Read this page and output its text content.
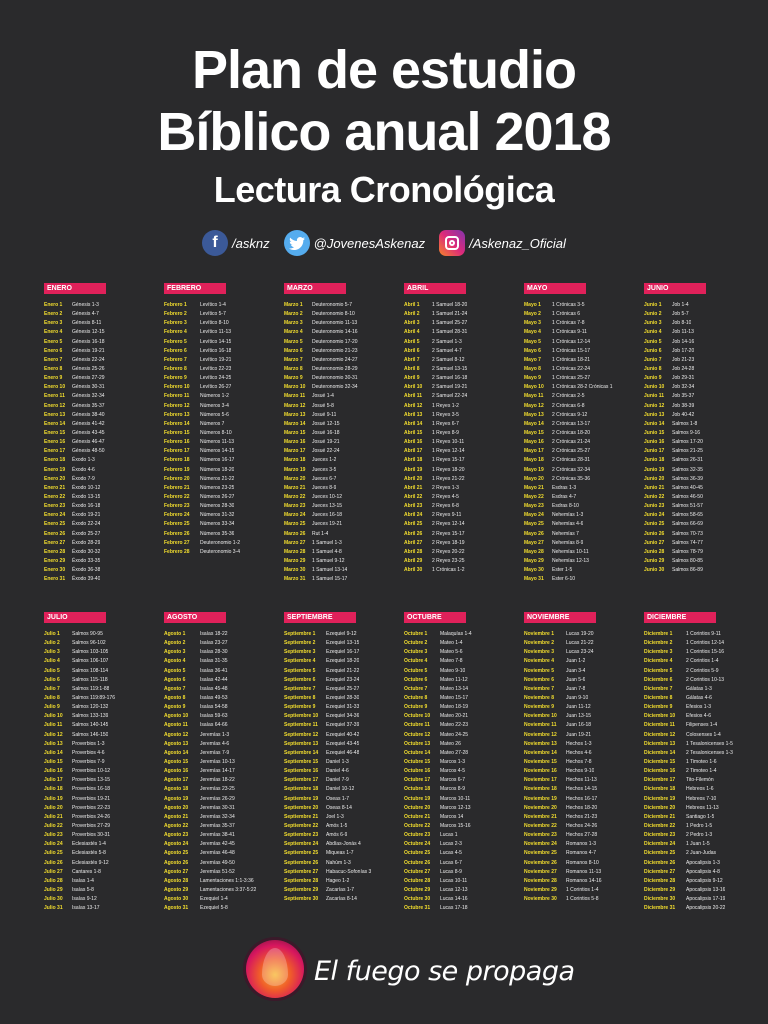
Plan de estudio
Bíblico anual 2018
Lectura Cronológica
f	/asknz	@JovenesAskenaz	/Askenaz_Oficial
ENERO
Enero 1	Génesis 1-3
Enero 2	Génesis 4-7
Enero 3	Génesis 8-11
Enero 4	Génesis 12-15
Enero 5	Génesis 16-18
Enero 6	Génesis 19-21
Enero 7	Génesis 22-24
Enero 8	Génesis 25-26
Enero 9	Génesis 27-29
Enero 10	Génesis 30-31
Enero 11	Génesis 32-34
Enero 12	Génesis 35-37
Enero 13	Génesis 38-40
Enero 14	Génesis 41-42
Enero 15	Génesis 43-45
Enero 16	Génesis 46-47
Enero 17	Génesis 48-50
Enero 18	Éxodo 1-3
Enero 19	Éxodo 4-6
Enero 20	Éxodo 7-9
Enero 21	Éxodo 10-12
Enero 22	Éxodo 13-15
Enero 23	Éxodo 16-18
Enero 24	Éxodo 19-21
Enero 25	Éxodo 22-24
Enero 26	Éxodo 25-27
Enero 27	Éxodo 28-29
Enero 28	Éxodo 30-32
Enero 29	Éxodo 33-35
Enero 30	Éxodo 36-38
Enero 31	Éxodo 39-40
FEBRERO
Febrero 1	Levítico 1-4
Febrero 2	Levítico 5-7
Febrero 3	Levítico 8-10
Febrero 4	Levítico 11-13
Febrero 5	Levítico 14-15
Febrero 6	Levítico 16-18
Febrero 7	Levítico 19-21
Febrero 8	Levítico 22-23
Febrero 9	Levítico 24-25
Febrero 10	Levítico 26-27
Febrero 11	Números 1-2
Febrero 12	Números 3-4
Febrero 13	Números 5-6
Febrero 14	Números 7
Febrero 15	Números 8-10
Febrero 16	Números 11-13
Febrero 17	Números 14-15
Febrero 18	Números 16-17
Febrero 19	Números 18-20
Febrero 20	Números 21-22
Febrero 21	Números 23-25
Febrero 22	Números 26-27
Febrero 23	Números 28-30
Febrero 24	Números 31-32
Febrero 25	Números 33-34
Febrero 26	Números 35-36
Febrero 27	Deuteronomio 1-2
Febrero 28	Deuteronomio 3-4
MARZO
Marzo 1	Deuteronomio 5-7
Marzo 2	Deuteronomio 8-10
Marzo 3	Deuteronomio 11-13
Marzo 4	Deuteronomio 14-16
Marzo 5	Deuteronomio 17-20
Marzo 6	Deuteronomio 21-23
Marzo 7	Deuteronomio 24-27
Marzo 8	Deuteronomio 28-29
Marzo 9	Deuteronomio 30-31
Marzo 10	Deuteronomio 32-34
Marzo 11	Josué 1-4
Marzo 12	Josué 5-8
Marzo 13	Josué 9-11
Marzo 14	Josué 12-15
Marzo 15	Josué 16-18
Marzo 16	Josué 19-21
Marzo 17	Josué 22-24
Marzo 18	Jueces 1-2
Marzo 19	Jueces 3-5
Marzo 20	Jueces 6-7
Marzo 21	Jueces 8-9
Marzo 22	Jueces 10-12
Marzo 23	Jueces 13-15
Marzo 24	Jueces 16-18
Marzo 25	Jueces 19-21
Marzo 26	Rut 1-4
Marzo 27	1 Samuel 1-3
Marzo 28	1 Samuel 4-8
Marzo 29	1 Samuel 9-12
Marzo 30	1 Samuel 13-14
Marzo 31	1 Samuel 15-17
ABRIL
Abril 1	1 Samuel 18-20
Abril 2	1 Samuel 21-24
Abril 3	1 Samuel 25-27
Abril 4	1 Samuel 28-31
Abril 5	2 Samuel 1-3
Abril 6	2 Samuel 4-7
Abril 7	2 Samuel 8-12
Abril 8	2 Samuel 13-15
Abril 9	2 Samuel 16-18
Abril 10	2 Samuel 19-21
Abril 11	2 Samuel 22-24
Abril 12	1 Reyes 1-2
Abril 13	1 Reyes 3-5
Abril 14	1 Reyes 6-7
Abril 15	1 Reyes 8-9
Abril 16	1 Reyes 10-11
Abril 17	1 Reyes 12-14
Abril 18	1 Reyes 15-17
Abril 19	1 Reyes 18-20
Abril 20	1 Reyes 21-22
Abril 21	2 Reyes 1-3
Abril 22	2 Reyes 4-5
Abril 23	2 Reyes 6-8
Abril 24	2 Reyes 9-11
Abril 25	2 Reyes 12-14
Abril 26	2 Reyes 15-17
Abril 27	2 Reyes 18-19
Abril 28	2 Reyes 20-22
Abril 29	2 Reyes 23-25
Abril 30	1 Crónicas 1-2
MAYO
Mayo 1	1 Crónicas 3-5
Mayo 2	1 Crónicas 6
Mayo 3	1 Crónicas 7-8
Mayo 4	1 Crónicas 9-11
Mayo 5	1 Crónicas 12-14
Mayo 6	1 Crónicas 15-17
Mayo 7	1 Crónicas 18-21
Mayo 8	1 Crónicas 22-24
Mayo 9	1 Crónicas 25-27
Mayo 10	1 Crónicas 28-2 Crónicas 1
Mayo 11	2 Crónicas 2-5
Mayo 12	2 Crónicas 6-8
Mayo 13	2 Crónicas 9-12
Mayo 14	2 Crónicas 13-17
Mayo 15	2 Crónicas 18-20
Mayo 16	2 Crónicas 21-24
Mayo 17	2 Crónicas 25-27
Mayo 18	2 Crónicas 28-31
Mayo 19	2 Crónicas 32-34
Mayo 20	2 Crónicas 35-36
Mayo 21	Esdras 1-3
Mayo 22	Esdras 4-7
Mayo 23	Esdras 8-10
Mayo 24	Nehemías 1-3
Mayo 25	Nehemías 4-6
Mayo 26	Nehemías 7
Mayo 27	Nehemías 8-9
Mayo 28	Nehemías 10-11
Mayo 29	Nehemías 12-13
Mayo 30	Ester 1-5
Mayo 31	Ester 6-10
JUNIO
Junio 1	Job 1-4
Junio 2	Job 5-7
Junio 3	Job 8-10
Junio 4	Job 11-13
Junio 5	Job 14-16
Junio 6	Job 17-20
Junio 7	Job 21-23
Junio 8	Job 24-28
Junio 9	Job 29-31
Junio 10	Job 32-34
Junio 11	Job 35-37
Junio 12	Job 38-39
Junio 13	Job 40-42
Junio 14	Salmos 1-8
Junio 15	Salmos 9-16
Junio 16	Salmos 17-20
Junio 17	Salmos 21-25
Junio 18	Salmos 26-31
Junio 19	Salmos 32-35
Junio 20	Salmos 36-39
Junio 21	Salmos 40-45
Junio 22	Salmos 46-50
Junio 23	Salmos 51-57
Junio 24	Salmos 58-65
Junio 25	Salmos 66-69
Junio 26	Salmos 70-73
Junio 27	Salmos 74-77
Junio 28	Salmos 78-79
Junio 29	Salmos 80-85
Junio 30	Salmos 86-89
JULIO
Julio 1	Salmos 90-95
Julio 2	Salmos 96-102
Julio 3	Salmos 103-105
Julio 4	Salmos 106-107
Julio 5	Salmos 108-114
Julio 6	Salmos 115-118
Julio 7	Salmos 119:1-88
Julio 8	Salmos 119:89-176
Julio 9	Salmos 120-132
Julio 10	Salmos 133-139
Julio 11	Salmos 140-145
Julio 12	Salmos 146-150
Julio 13	Proverbios 1-3
Julio 14	Proverbios 4-6
Julio 15	Proverbios 7-9
Julio 16	Proverbios 10-12
Julio 17	Proverbios 13-15
Julio 18	Proverbios 16-18
Julio 19	Proverbios 19-21
Julio 20	Proverbios 22-23
Julio 21	Proverbios 24-26
Julio 22	Proverbios 27-29
Julio 23	Proverbios 30-31
Julio 24	Eclesiastés 1-4
Julio 25	Eclesiastés 5-8
Julio 26	Eclesiastés 9-12
Julio 27	Cantares 1-8
Julio 28	Isaías 1-4
Julio 29	Isaías 5-8
Julio 30	Isaías 9-12
Julio 31	Isaías 13-17
AGOSTO
Agosto 1	Isaías 18-22
Agosto 2	Isaías 23-27
Agosto 3	Isaías 28-30
Agosto 4	Isaías 31-35
Agosto 5	Isaías 36-41
Agosto 6	Isaías 42-44
Agosto 7	Isaías 45-48
Agosto 8	Isaías 49-53
Agosto 9	Isaías 54-58
Agosto 10	Isaías 59-63
Agosto 11	Isaías 64-66
Agosto 12	Jeremías 1-3
Agosto 13	Jeremías 4-6
Agosto 14	Jeremías 7-9
Agosto 15	Jeremías 10-13
Agosto 16	Jeremías 14-17
Agosto 17	Jeremías 18-22
Agosto 18	Jeremías 23-25
Agosto 19	Jeremías 26-29
Agosto 20	Jeremías 30-31
Agosto 21	Jeremías 32-34
Agosto 22	Jeremías 35-37
Agosto 23	Jeremías 38-41
Agosto 24	Jeremías 42-45
Agosto 25	Jeremías 46-48
Agosto 26	Jeremías 49-50
Agosto 27	Jeremías 51-52
Agosto 28	Lamentaciones 1:1-3:36
Agosto 29	Lamentaciones 3:37-5:22
Agosto 30	Ezequiel 1-4
Agosto 31	Ezequiel 5-8
SEPTIEMBRE
Septiembre 1	Ezequiel 9-12
Septiembre 2	Ezequiel 13-15
Septiembre 3	Ezequiel 16-17
Septiembre 4	Ezequiel 18-20
Septiembre 5	Ezequiel 21-22
Septiembre 6	Ezequiel 23-24
Septiembre 7	Ezequiel 25-27
Septiembre 8	Ezequiel 28-30
Septiembre 9	Ezequiel 31-33
Septiembre 10	Ezequiel 34-36
Septiembre 11	Ezequiel 37-39
Septiembre 12	Ezequiel 40-42
Septiembre 13	Ezequiel 43-45
Septiembre 14	Ezequiel 46-48
Septiembre 15	Daniel 1-3
Septiembre 16	Daniel 4-6
Septiembre 17	Daniel 7-9
Septiembre 18	Daniel 10-12
Septiembre 19	Oseas 1-7
Septiembre 20	Oseas 8-14
Septiembre 21	Joel 1-3
Septiembre 22	Amós 1-5
Septiembre 23	Amós 6-9
Septiembre 24	Abdías-Jonás 4
Septiembre 25	Miqueas 1-7
Septiembre 26	Nahúm 1-3
Septiembre 27	Habacuc-Sofonías 3
Septiembre 28	Hageo 1-2
Septiembre 29	Zacarías 1-7
Septiembre 30	Zacarías 8-14
OCTUBRE
Octubre 1	Malaquías 1-4
Octubre 2	Mateo 1-4
Octubre 3	Mateo 5-6
Octubre 4	Mateo 7-8
Octubre 5	Mateo 9-10
Octubre 6	Mateo 11-12
Octubre 7	Mateo 13-14
Octubre 8	Mateo 15-17
Octubre 9	Mateo 18-19
Octubre 10	Mateo 20-21
Octubre 11	Mateo 22-23
Octubre 12	Mateo 24-25
Octubre 13	Mateo 26
Octubre 14	Mateo 27-28
Octubre 15	Marcos 1-3
Octubre 16	Marcos 4-5
Octubre 17	Marcos 6-7
Octubre 18	Marcos 8-9
Octubre 19	Marcos 10-11
Octubre 20	Marcos 12-13
Octubre 21	Marcos 14
Octubre 22	Marcos 15-16
Octubre 23	Lucas 1
Octubre 24	Lucas 2-3
Octubre 25	Lucas 4-5
Octubre 26	Lucas 6-7
Octubre 27	Lucas 8-9
Octubre 28	Lucas 10-11
Octubre 29	Lucas 12-13
Octubre 30	Lucas 14-16
Octubre 31	Lucas 17-18
NOVIEMBRE
Noviembre 1	Lucas 19-20
Noviembre 2	Lucas 21-22
Noviembre 3	Lucas 23-24
Noviembre 4	Juan 1-2
Noviembre 5	Juan 3-4
Noviembre 6	Juan 5-6
Noviembre 7	Juan 7-8
Noviembre 8	Juan 9-10
Noviembre 9	Juan 11-12
Noviembre 10	Juan 13-15
Noviembre 11	Juan 16-18
Noviembre 12	Juan 19-21
Noviembre 13	Hechos 1-3
Noviembre 14	Hechos 4-6
Noviembre 15	Hechos 7-8
Noviembre 16	Hechos 9-10
Noviembre 17	Hechos 11-13
Noviembre 18	Hechos 14-15
Noviembre 19	Hechos 16-17
Noviembre 20	Hechos 18-20
Noviembre 21	Hechos 21-23
Noviembre 22	Hechos 24-26
Noviembre 23	Hechos 27-28
Noviembre 24	Romanos 1-3
Noviembre 25	Romanos 4-7
Noviembre 26	Romanos 8-10
Noviembre 27	Romanos 11-13
Noviembre 28	Romanos 14-16
Noviembre 29	1 Corintios 1-4
Noviembre 30	1 Corintios 5-8
DICIEMBRE
Diciembre 1	1 Corintios 9-11
Diciembre 2	1 Corintios 12-14
Diciembre 3	1 Corintios 15-16
Diciembre 4	2 Corintios 1-4
Diciembre 5	2 Corintios 5-9
Diciembre 6	2 Corintios 10-13
Diciembre 7	Gálatas 1-3
Diciembre 8	Gálatas 4-6
Diciembre 9	Efesios 1-3
Diciembre 10	Efesios 4-6
Diciembre 11	Filipenses 1-4
Diciembre 12	Colosenses 1-4
Diciembre 13	1 Tesalonicenses 1-5
Diciembre 14	2 Tesalonicenses 1-3
Diciembre 15	1 Timoteo 1-6
Diciembre 16	2 Timoteo 1-4
Diciembre 17	Tito-Filemón
Diciembre 18	Hebreos 1-6
Diciembre 19	Hebreos 7-10
Diciembre 20	Hebreos 11-13
Diciembre 21	Santiago 1-5
Diciembre 22	1 Pedro 1-5
Diciembre 23	2 Pedro 1-3
Diciembre 24	1 Juan 1-5
Diciembre 25	2 Juan-Judas
Diciembre 26	Apocalipsis 1-3
Diciembre 27	Apocalipsis 4-8
Diciembre 28	Apocalipsis 9-12
Diciembre 29	Apocalipsis 13-16
Diciembre 30	Apocalipsis 17-19
Diciembre 31	Apocalipsis 20-22
El fuego se propaga
